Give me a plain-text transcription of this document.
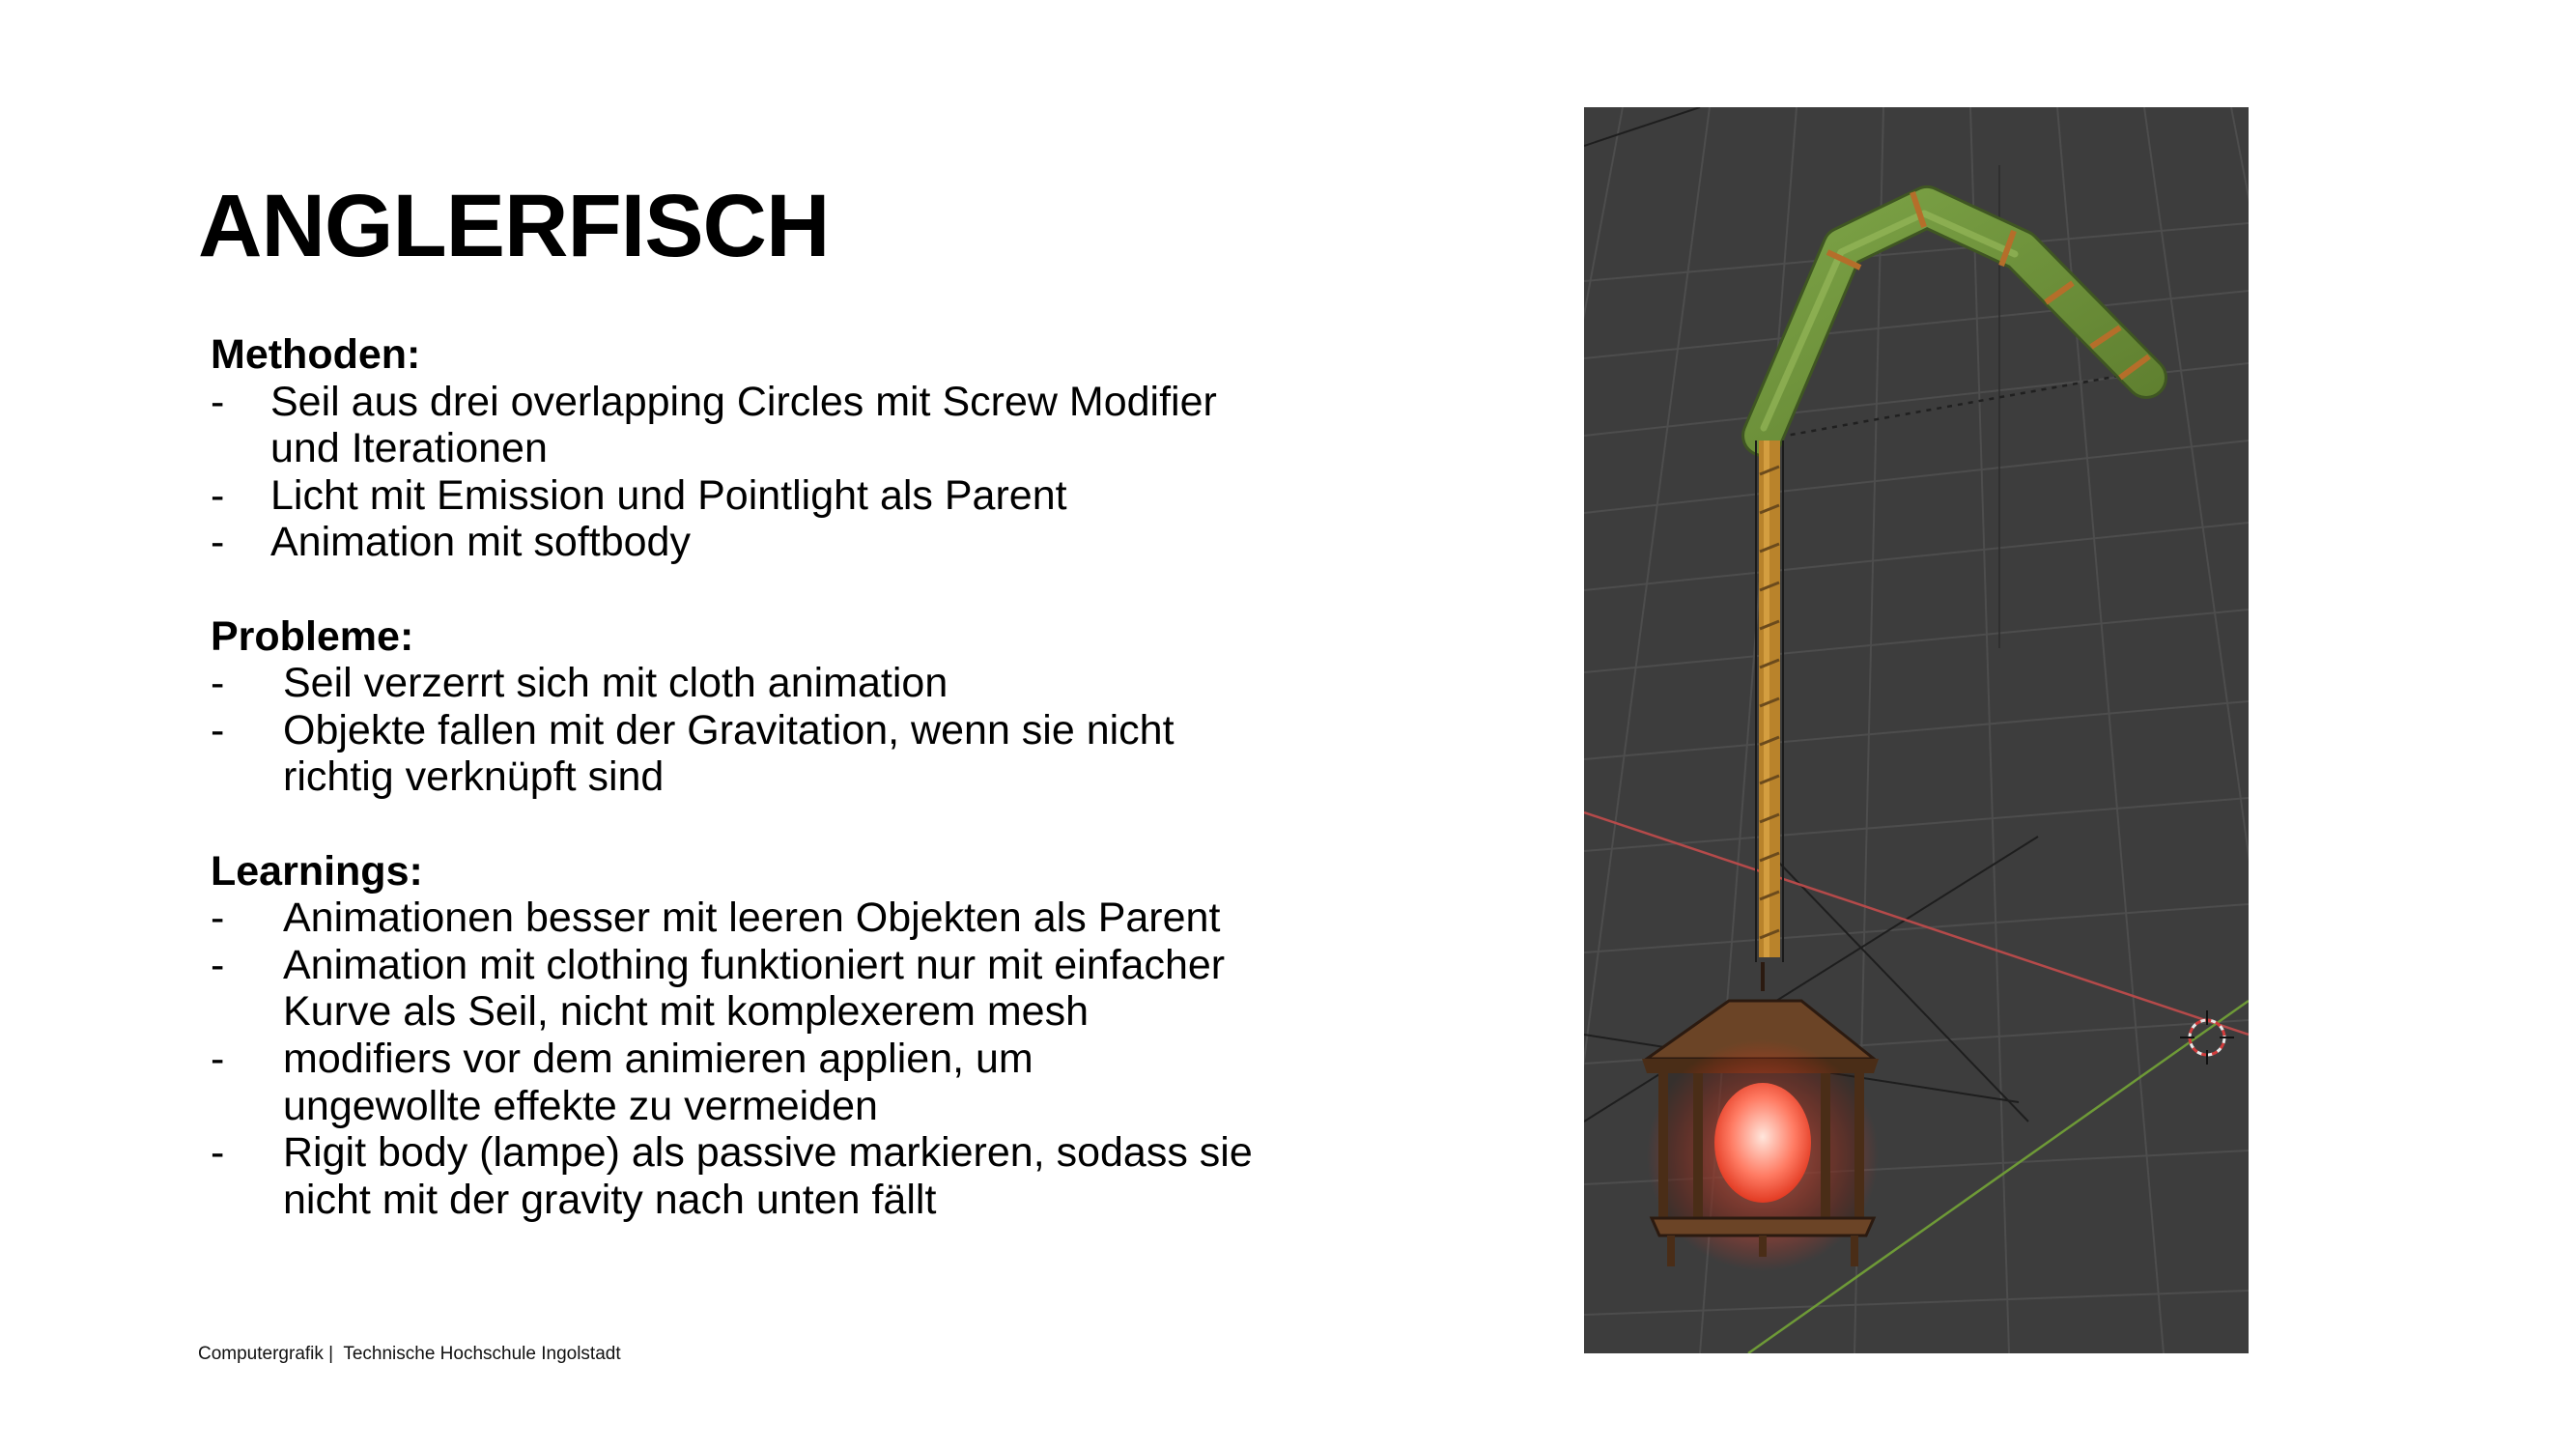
ANGLERFISCH
Methoden:
-	Seil aus drei overlapping Circles mit Screw Modifier
und Iterationen
-	Licht mit Emission und Pointlight als Parent
-	Animation mit softbody
Probleme:
-	Seil verzerrt sich mit cloth animation
-	Objekte fallen mit der Gravitation, wenn sie nicht
richtig verknüpft sind
Learnings:
-	Animationen besser mit leeren Objekten als Parent
-	Animation mit clothing funktioniert nur mit einfacher
Kurve als Seil, nicht mit komplexerem mesh
-	modifiers vor dem animieren applien, um
ungewollte effekte zu vermeiden
-	Rigit body (lampe) als passive markieren, sodass sie
nicht mit der gravity nach unten fällt
Computergrafik | Technische Hochschule Ingolstadt
